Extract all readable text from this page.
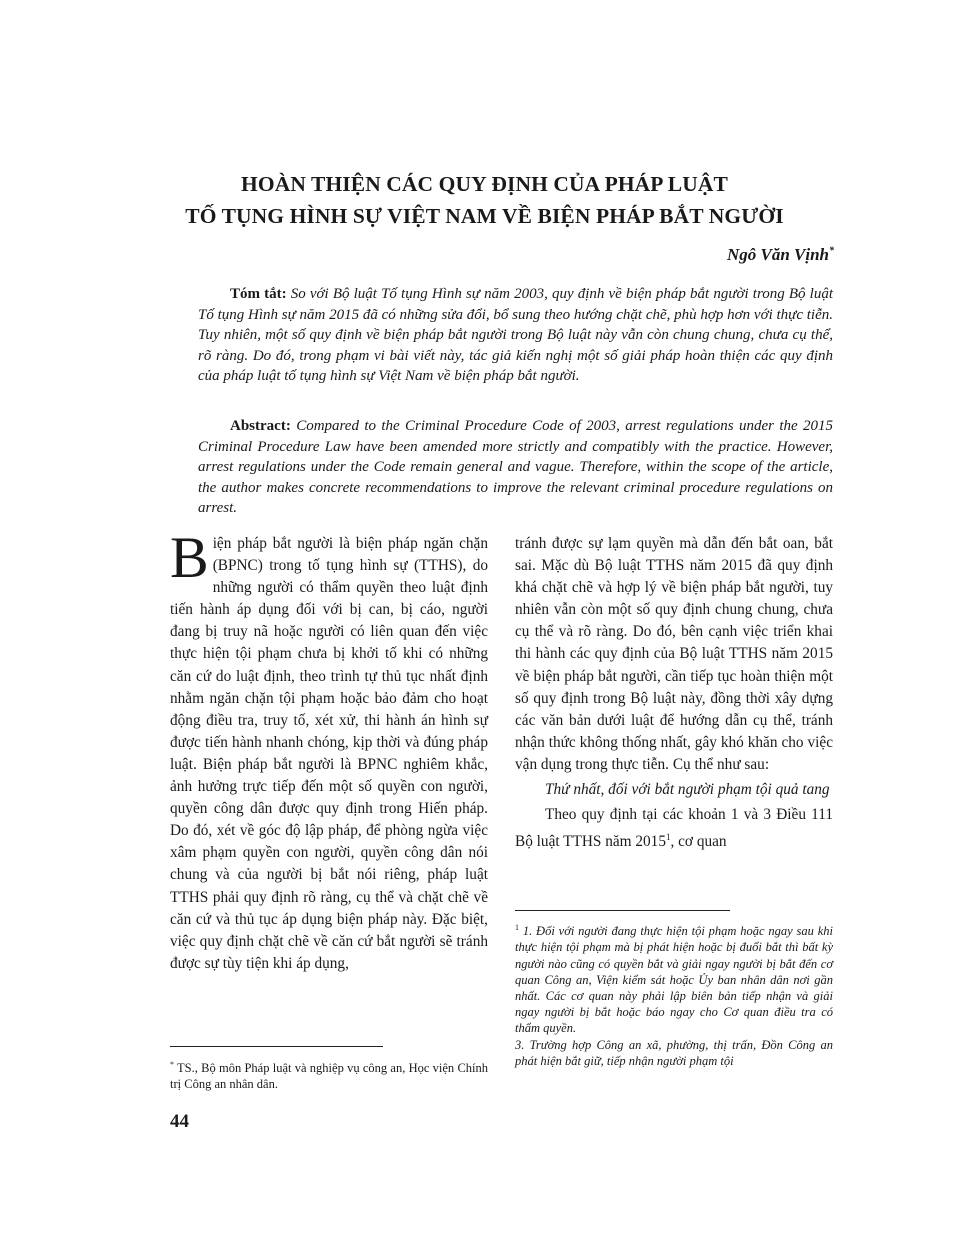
HOÀN THIỆN CÁC QUY ĐỊNH CỦA PHÁP LUẬT
TỐ TỤNG HÌNH SỰ VIỆT NAM VỀ BIỆN PHÁP BẮT NGƯỜI
Ngô Văn Vịnh*

Tóm tắt: So với Bộ luật Tố tụng Hình sự năm 2003, quy định về biện pháp bắt người trong Bộ luật Tố tụng Hình sự năm 2015 đã có những sửa đổi, bổ sung theo hướng chặt chẽ, phù hợp hơn với thực tiễn. Tuy nhiên, một số quy định về biện pháp bắt người trong Bộ luật này vẫn còn chung chung, chưa cụ thể, rõ ràng. Do đó, trong phạm vi bài viết này, tác giả kiến nghị một số giải pháp hoàn thiện các quy định của pháp luật tố tụng hình sự Việt Nam về biện pháp bắt người.

Abstract: Compared to the Criminal Procedure Code of 2003, arrest regulations under the 2015 Criminal Procedure Law have been amended more strictly and compatibly with the practice. However, arrest regulations under the Code remain general and vague. Therefore, within the scope of the article, the author makes concrete recommendations to improve the relevant criminal procedure regulations on arrest.

Biện pháp bắt người là biện pháp ngăn chặn (BPNC) trong tố tụng hình sự (TTHS), do những người có thẩm quyền theo luật định tiến hành áp dụng đối với bị can, bị cáo, người đang bị truy nã hoặc người có liên quan đến việc thực hiện tội phạm chưa bị khởi tố khi có những căn cứ do luật định, theo trình tự thủ tục nhất định nhằm ngăn chặn tội phạm hoặc bảo đảm cho hoạt động điều tra, truy tố, xét xử, thi hành án hình sự được tiến hành nhanh chóng, kịp thời và đúng pháp luật. Biện pháp bắt người là BPNC nghiêm khắc, ảnh hưởng trực tiếp đến một số quyền con người, quyền công dân được quy định trong Hiến pháp. Do đó, xét về góc độ lập pháp, để phòng ngừa việc xâm phạm quyền con người, quyền công dân nói chung và của người bị bắt nói riêng, pháp luật TTHS phải quy định rõ ràng, cụ thể và chặt chẽ về căn cứ và thủ tục áp dụng biện pháp này. Đặc biệt, việc quy định chặt chẽ về căn cứ bắt người sẽ tránh được sự tùy tiện khi áp dụng,

tránh được sự lạm quyền mà dẫn đến bắt oan, bắt sai. Mặc dù Bộ luật TTHS năm 2015 đã quy định khá chặt chẽ và hợp lý về biện pháp bắt người, tuy nhiên vẫn còn một số quy định chung chung, chưa cụ thể và rõ ràng. Do đó, bên cạnh việc triển khai thi hành các quy định của Bộ luật TTHS năm 2015 về biện pháp bắt người, cần tiếp tục hoàn thiện một số quy định trong Bộ luật này, đồng thời xây dựng các văn bản dưới luật để hướng dẫn cụ thể, tránh nhận thức không thống nhất, gây khó khăn cho việc vận dụng trong thực tiễn. Cụ thể như sau:

Thứ nhất, đối với bắt người phạm tội quả tang

Theo quy định tại các khoản 1 và 3 Điều 111 Bộ luật TTHS năm 2015$^1$, cơ quan

$^1$ 1. Đối với người đang thực hiện tội phạm hoặc ngay sau khi thực hiện tội phạm mà bị phát hiện hoặc bị đuổi bắt thì bất kỳ người nào cũng có quyền bắt và giải ngay người bị bắt đến cơ quan Công an, Viện kiểm sát hoặc Ủy ban nhân dân nơi gần nhất. Các cơ quan này phải lập biên bản tiếp nhận và giải ngay người bị bắt hoặc báo ngay cho Cơ quan điều tra có thẩm quyền.
3. Trường hợp Công an xã, phường, thị trấn, Đồn Công an phát hiện bắt giữ, tiếp nhận người phạm tội

* TS., Bộ môn Pháp luật và nghiệp vụ công an, Học viện Chính trị Công an nhân dân.

44
